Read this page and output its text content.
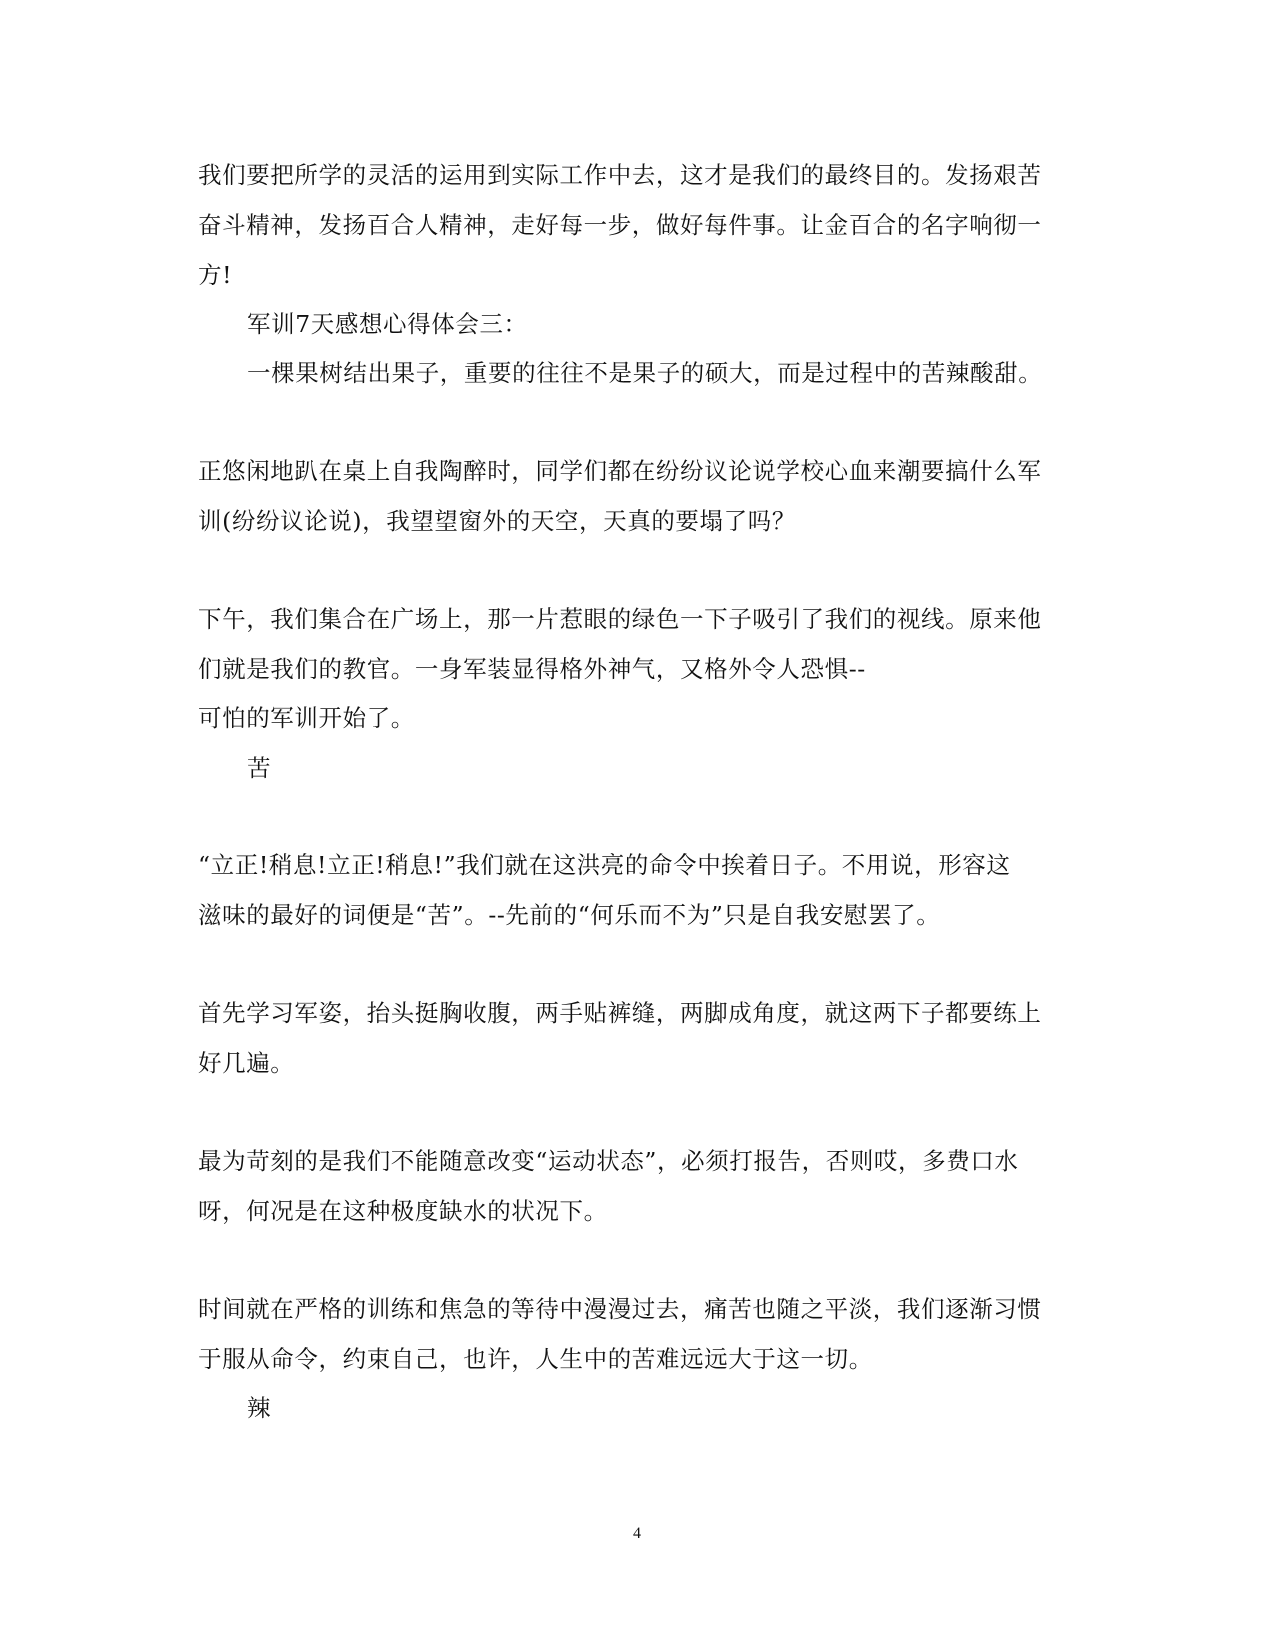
我们要把所学的灵活的运用到实际工作中去，这才是我们的最终目的。发扬艰苦
奋斗精神，发扬百合人精神，走好每一步，做好每件事。让金百合的名字响彻一
方!
军训7天感想心得体会三：
一棵果树结出果子，重要的往往不是果子的硕大，而是过程中的苦辣酸甜。
正悠闲地趴在桌上自我陶醉时，同学们都在纷纷议论说学校心血来潮要搞什么军
训(纷纷议论说)，我望望窗外的天空，天真的要塌了吗？
下午，我们集合在广场上，那一片惹眼的绿色一下子吸引了我们的视线。原来他
们就是我们的教官。一身军装显得格外神气，又格外令人恐惧--
可怕的军训开始了。
苦
“立正!稍息!立正!稍息!”我们就在这洪亮的命令中挨着日子。不用说，形容这
滋味的最好的词便是“苦”。--先前的“何乐而不为”只是自我安慰罢了。
首先学习军姿，抬头挺胸收腹，两手贴裤缝，两脚成角度，就这两下子都要练上
好几遍。
最为苛刻的是我们不能随意改变“运动状态”，必须打报告，否则哎，多费口水
呀，何况是在这种极度缺水的状况下。
时间就在严格的训练和焦急的等待中漫漫过去，痛苦也随之平淡，我们逐渐习惯
于服从命令，约束自己，也许，人生中的苦难远远大于这一切。
辣
4
